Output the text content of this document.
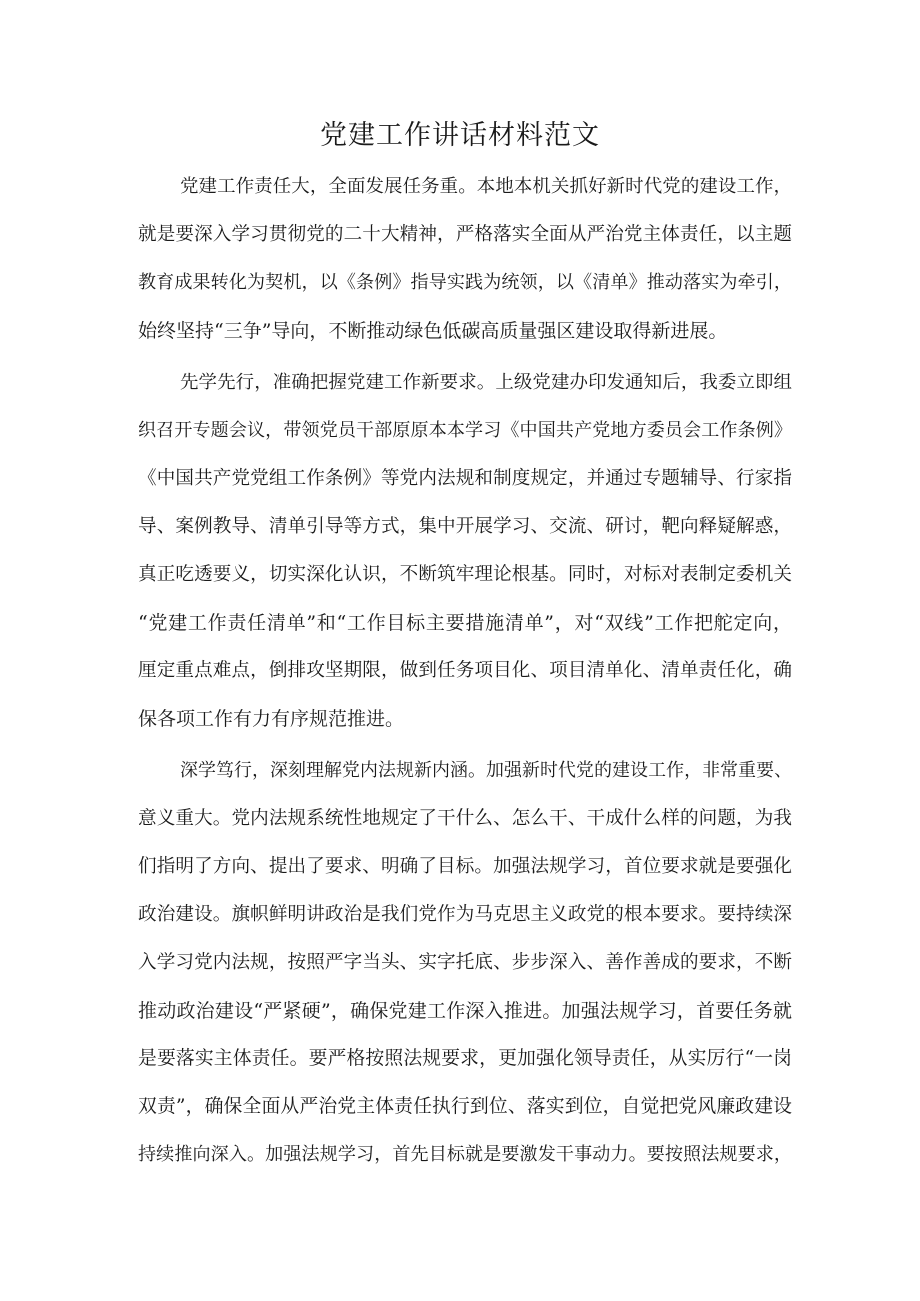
党建工作讲话材料范文

党建工作责任大，全面发展任务重。本地本机关抓好新时代党的建设工作，

就是要深入学习贯彻党的二十大精神，严格落实全面从严治党主体责任，以主题

教育成果转化为契机，以《条例》指导实践为统领，以《清单》推动落实为牵引，

始终坚持“三争”导向，不断推动绿色低碳高质量强区建设取得新进展。

先学先行，准确把握党建工作新要求。上级党建办印发通知后，我委立即组

织召开专题会议，带领党员干部原原本本学习《中国共产党地方委员会工作条例》

《中国共产党党组工作条例》等党内法规和制度规定，并通过专题辅导、行家指

导、案例教导、清单引导等方式，集中开展学习、交流、研讨，靶向释疑解惑，

真正吃透要义，切实深化认识，不断筑牢理论根基。同时，对标对表制定委机关

“党建工作责任清单”和“工作目标主要措施清单”，对“双线”工作把舵定向，

厘定重点难点，倒排攻坚期限，做到任务项目化、项目清单化、清单责任化，确

保各项工作有力有序规范推进。

深学笃行，深刻理解党内法规新内涵。加强新时代党的建设工作，非常重要、

意义重大。党内法规系统性地规定了干什么、怎么干、干成什么样的问题，为我

们指明了方向、提出了要求、明确了目标。加强法规学习，首位要求就是要强化

政治建设。旗帜鲜明讲政治是我们党作为马克思主义政党的根本要求。要持续深

入学习党内法规，按照严字当头、实字托底、步步深入、善作善成的要求，不断

推动政治建设“严紧硬”，确保党建工作深入推进。加强法规学习，首要任务就

是要落实主体责任。要严格按照法规要求，更加强化领导责任，从实厉行“一岗

双责”，确保全面从严治党主体责任执行到位、落实到位，自觉把党风廉政建设

持续推向深入。加强法规学习，首先目标就是要激发干事动力。要按照法规要求，
